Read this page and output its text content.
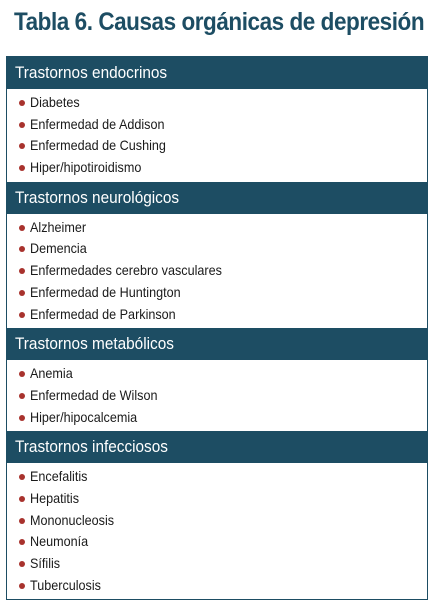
Tabla 6. Causas orgánicas de depresión
Trastornos endocrinos
Diabetes
Enfermedad de Addison
Enfermedad de Cushing
Hiper/hipotiroidismo
Trastornos neurológicos
Alzheimer
Demencia
Enfermedades cerebro vasculares
Enfermedad de Huntington
Enfermedad de Parkinson
Trastornos metabólicos
Anemia
Enfermedad de Wilson
Hiper/hipocalcemia
Trastornos infecciosos
Encefalitis
Hepatitis
Mononucleosis
Neumonía
Sífilis
Tuberculosis
